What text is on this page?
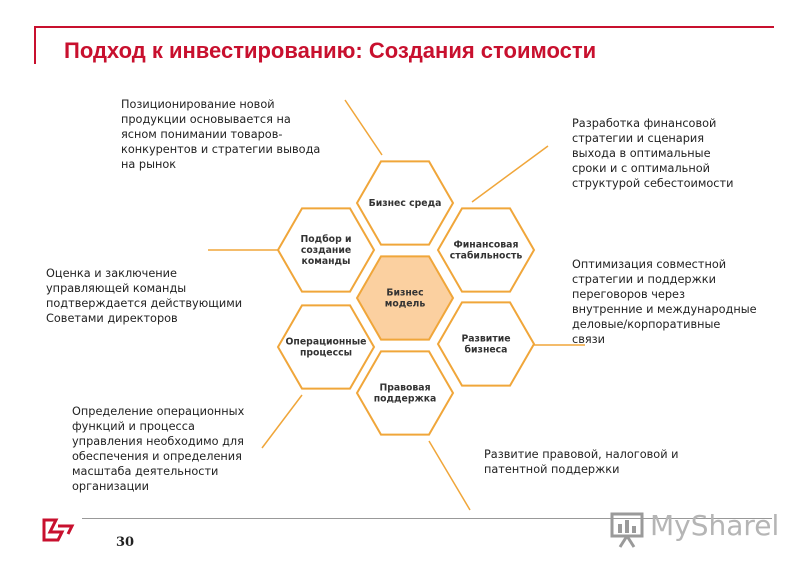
Подход к инвестированию: Создания стоимости
Бизнес среда
Подбор и создание команды
Финансовая стабильность
Бизнес модель
Операционные процессы
Развитие бизнеса
Правовая поддержка

Позиционирование новой
продукции основывается на
ясном понимании товаров-
конкурентов и стратегии вывода
на рынок

Разработка финансовой
стратегии и сценария
выхода в оптимальные
сроки и с оптимальной
структурой себестоимости

Оценка и заключение
управляющей команды
подтверждается действующими
Советами директоров

Оптимизация совместной
стратегии и поддержки
переговоров через
внутренние и международные
деловые/корпоративные
связи

Определение операционных
функций и процесса
управления необходимо для
обеспечения и определения
масштаба деятельности
организации

Развитие правовой, налоговой и
патентной поддержки

30
MySharel
